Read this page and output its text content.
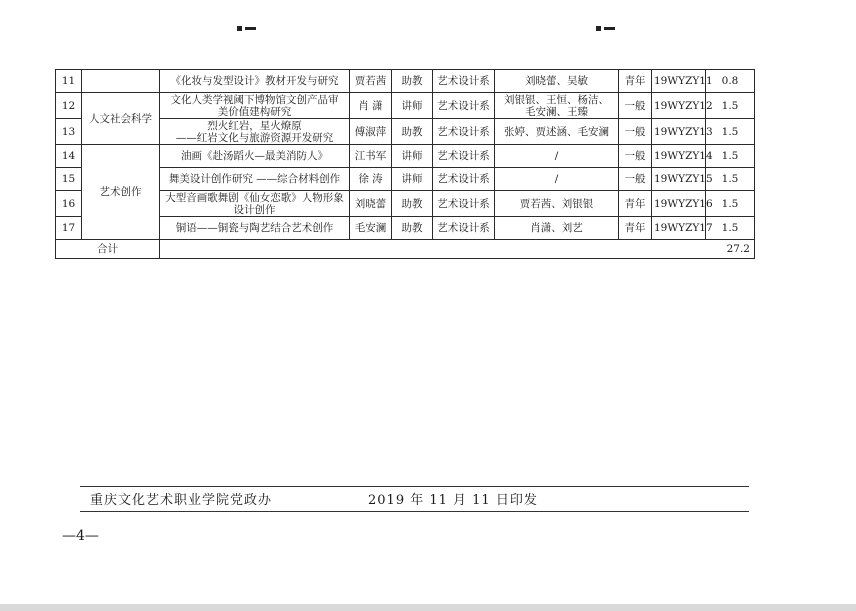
11		《化妆与发型设计》教材开发与研究	贾若茜	助教	艺术设计系	刘晓蕾、吴敏	青年	19WYZY11	0.8
12	人文社会科学	文化人类学视阈下博物馆文创产品审
美价值建构研究	肖 潇	讲师	艺术设计系	刘银银、王恒、杨洁、
毛安澜、王臻	一般	19WYZY12	1.5
13		烈火红岩，星火燎原
——红岩文化与旅游资源开发研究	傅淑萍	助教	艺术设计系	张婷、贾述涵、毛安澜	一般	19WYZY13	1.5
14	艺术创作	油画《赴汤蹈火—最美消防人》	江书军	讲师	艺术设计系	/	一般	19WYZY14	1.5
15		舞美设计创作研究 ——综合材料创作	徐 涛	讲师	艺术设计系	/	一般	19WYZY15	1.5
16		大型音画歌舞剧《仙女恋歌》人物形象
设计创作	刘晓蕾	助教	艺术设计系	贾若茜、刘银银	青年	19WYZY16	1.5
17		铜语——铜瓷与陶艺结合艺术创作	毛安澜	助教	艺术设计系	肖潇、刘艺	青年	19WYZY17	1.5
合计		27.2							
重庆文化艺术职业学院党政办	2019 年 11 月 11 日印发
—4—
